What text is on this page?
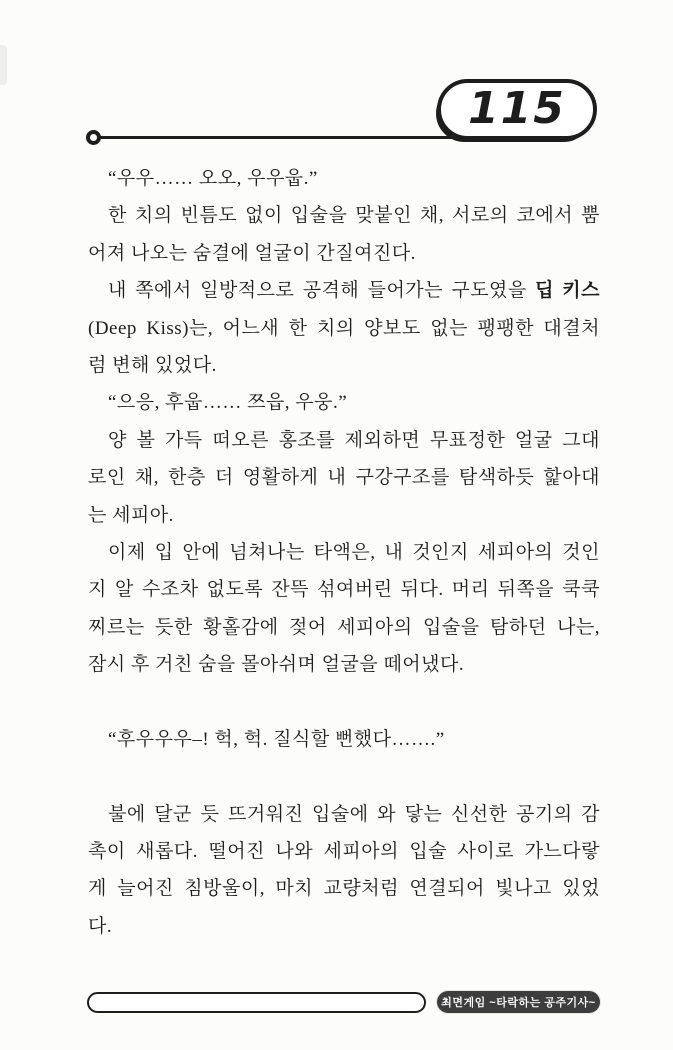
115
“우우…… 오오, 우우웁.”
한 치의 빈틈도 없이 입술을 맞붙인 채, 서로의 코에서 뿜
어져 나오는 숨결에 얼굴이 간질여진다.
내 쪽에서 일방적으로 공격해 들어가는 구도였을 딥 키스
(Deep Kiss)는, 어느새 한 치의 양보도 없는 팽팽한 대결처
럼 변해 있었다.
“으응, 후웁…… 쯔읍, 우웅.”
양 볼 가득 떠오른 홍조를 제외하면 무표정한 얼굴 그대
로인 채, 한층 더 영활하게 내 구강구조를 탐색하듯 핥아대
는 세피아.
이제 입 안에 넘쳐나는 타액은, 내 것인지 세피아의 것인
지 알 수조차 없도록 잔뜩 섞여버린 뒤다. 머리 뒤쪽을 쿡쿡
찌르는 듯한 황홀감에 젖어 세피아의 입술을 탐하던 나는,
잠시 후 거친 숨을 몰아쉬며 얼굴을 떼어냈다.
“후우우우–! 헉, 헉. 질식할 뻔했다…….”
불에 달군 듯 뜨거워진 입술에 와 닿는 신선한 공기의 감
촉이 새롭다. 떨어진 나와 세피아의 입술 사이로 가느다랗
게 늘어진 침방울이, 마치 교량처럼 연결되어 빛나고 있었
다.
최면게임 ~타락하는 공주기사~
